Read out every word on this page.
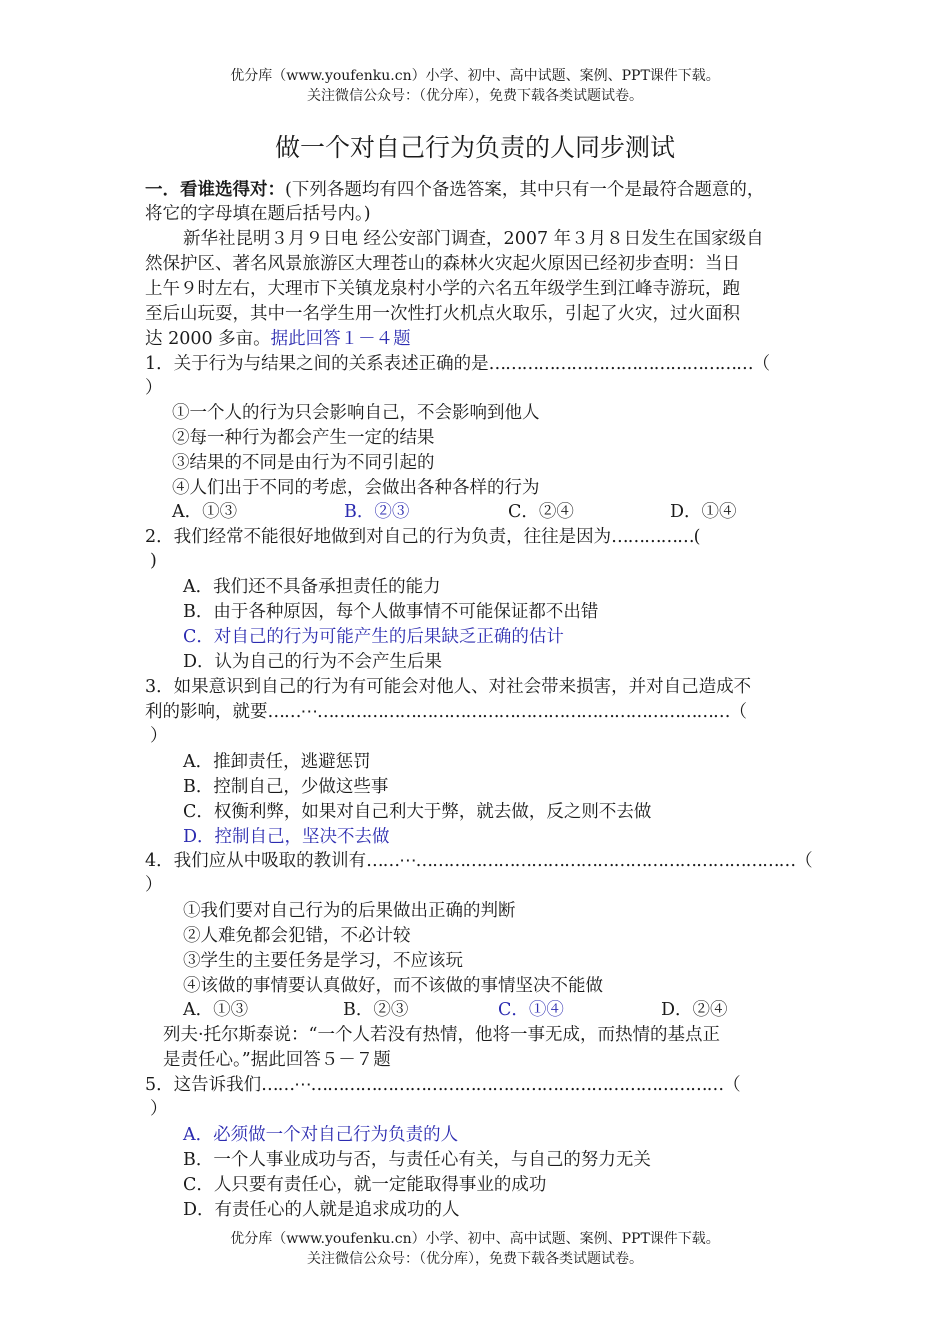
优分库（www.youfenku.cn）小学、初中、高中试题、案例、PPT课件下载。
关注微信公众号：（优分库），免费下载各类试题试卷。
做一个对自己行为负责的人同步测试
一．看谁选得对：(下列各题均有四个备选答案，其中只有一个是最符合题意的，
将它的字母填在题后括号内。)
新华社昆明３月９日电 经公安部门调查，2007 年３月８日发生在国家级自
然保护区、著名风景旅游区大理苍山的森林火灾起火原因已经初步查明：当日
上午９时左右，大理市下关镇龙泉村小学的六名五年级学生到江峰寺游玩，跑
至后山玩耍，其中一名学生用一次性打火机点火取乐，引起了火灾，过火面积
达 2000 多亩。据此回答１－４题
1．关于行为与结果之间的关系表述正确的是…………………………………………（
）
①一个人的行为只会影响自己，不会影响到他人
②每一种行为都会产生一定的结果
③结果的不同是由行为不同引起的
④人们出于不同的考虑，会做出各种各样的行为
A．①③	B．②③	C．②④	D．①④
2．我们经常不能很好地做到对自己的行为负责，往往是因为……………(
)
A．我们还不具备承担责任的能力
B．由于各种原因，每个人做事情不可能保证都不出错
C．对自己的行为可能产生的后果缺乏正确的估计
D．认为自己的行为不会产生后果
3．如果意识到自己的行为有可能会对他人、对社会带来损害，并对自己造成不
利的影响，就要……⋯…………………………………………………………………（
）
A．推卸责任，逃避惩罚
B．控制自己，少做这些事
C．权衡利弊，如果对自己利大于弊，就去做，反之则不去做
D．控制自己，坚决不去做
4．我们应从中吸取的教训有……⋯……………………………………………………………（
）
①我们要对自己行为的后果做出正确的判断
②人难免都会犯错，不必计较
③学生的主要任务是学习，不应该玩
④该做的事情要认真做好，而不该做的事情坚决不能做
A．①③	B．②③	C．①④	D．②④
列夫·托尔斯泰说：“一个人若没有热情，他将一事无成，而热情的基点正
是责任心。”据此回答５－７题
5．这告诉我们……⋯…………………………………………………………………（
）
A．必须做一个对自己行为负责的人
B．一个人事业成功与否，与责任心有关，与自己的努力无关
C．人只要有责任心，就一定能取得事业的成功
D．有责任心的人就是追求成功的人
优分库（www.youfenku.cn）小学、初中、高中试题、案例、PPT课件下载。
关注微信公众号：（优分库），免费下载各类试题试卷。
